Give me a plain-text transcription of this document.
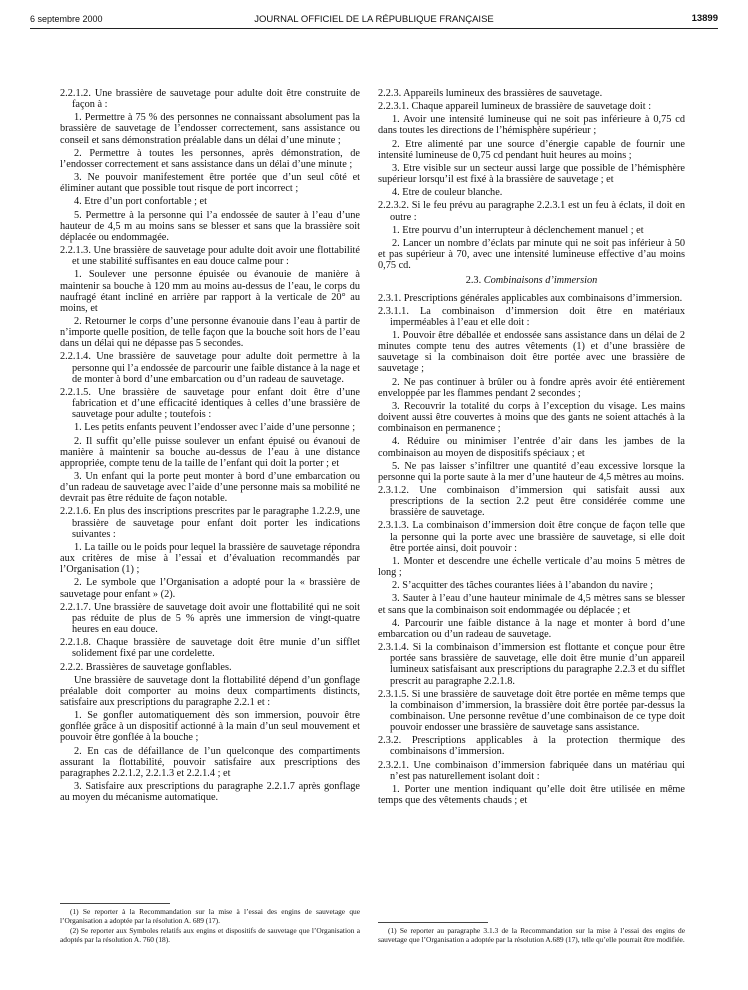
6 septembre 2000	JOURNAL OFFICIEL DE LA RÉPUBLIQUE FRANÇAISE	13899

2.2.1.2. Une brassière de sauvetage pour adulte doit être construite de façon à :

1. Permettre à 75 % des personnes ne connaissant absolument pas la brassière de sauvetage de l’endosser correctement, sans assistance ou conseil et sans démonstration préalable dans un délai d’une minute ;

2. Permettre à toutes les personnes, après démonstration, de l’endosser correctement et sans assistance dans un délai d’une minute ;

3. Ne pouvoir manifestement être portée que d’un seul côté et éliminer autant que possible tout risque de port incorrect ;

4. Etre d’un port confortable ; et

5. Permettre à la personne qui l’a endossée de sauter à l’eau d’une hauteur de 4,5 m au moins sans se blesser et sans que la brassière soit déplacée ou endommagée.

2.2.1.3. Une brassière de sauvetage pour adulte doit avoir une flottabilité et une stabilité suffisantes en eau douce calme pour :

1. Soulever une personne épuisée ou évanouie de manière à maintenir sa bouche à 120 mm au moins au-dessus de l’eau, le corps du naufragé étant incliné en arrière par rapport à la verticale de 20° au moins, et

2. Retourner le corps d’une personne évanouie dans l’eau à partir de n’importe quelle position, de telle façon que la bouche soit hors de l’eau dans un délai qui ne dépasse pas 5 secondes.

2.2.1.4. Une brassière de sauvetage pour adulte doit permettre à la personne qui l’a endossée de parcourir une faible distance à la nage et de monter à bord d’une embarcation ou d’un radeau de sauvetage.

2.2.1.5. Une brassière de sauvetage pour enfant doit être d’une fabrication et d’une efficacité identiques à celles d’une brassière de sauvetage pour adulte ; toutefois :

1. Les petits enfants peuvent l’endosser avec l’aide d’une personne ;

2. Il suffit qu’elle puisse soulever un enfant épuisé ou évanoui de manière à maintenir sa bouche au-dessus de l’eau à une distance appropriée, compte tenu de la taille de l’enfant qui doit la porter ; et

3. Un enfant qui la porte peut monter à bord d’une embarcation ou d’un radeau de sauvetage avec l’aide d’une personne mais sa mobilité ne devrait pas être réduite de façon notable.

2.2.1.6. En plus des inscriptions prescrites par le paragraphe 1.2.2.9, une brassière de sauvetage pour enfant doit porter les indications suivantes :

1. La taille ou le poids pour lequel la brassière de sauvetage répondra aux critères de mise à l’essai et d’évaluation recommandés par l’Organisation (1) ;

2. Le symbole que l’Organisation a adopté pour la « brassière de sauvetage pour enfant » (2).

2.2.1.7. Une brassière de sauvetage doit avoir une flottabilité qui ne soit pas réduite de plus de 5 % après une immersion de vingt-quatre heures en eau douce.

2.2.1.8. Chaque brassière de sauvetage doit être munie d’un sifflet solidement fixé par une cordelette.

2.2.2. Brassières de sauvetage gonflables.

Une brassière de sauvetage dont la flottabilité dépend d’un gonflage préalable doit comporter au moins deux compartiments distincts, satisfaire aux prescriptions du paragraphe 2.2.1 et :

1. Se gonfler automatiquement dès son immersion, pouvoir être gonflée grâce à un dispositif actionné à la main d’un seul mouvement et pouvoir être gonflée à la bouche ;

2. En cas de défaillance de l’un quelconque des compartiments assurant la flottabilité, pouvoir satisfaire aux prescriptions des paragraphes 2.2.1.2, 2.2.1.3 et 2.2.1.4 ; et

3. Satisfaire aux prescriptions du paragraphe 2.2.1.7 après gonflage au moyen du mécanisme automatique.

2.2.3. Appareils lumineux des brassières de sauvetage.

2.2.3.1. Chaque appareil lumineux de brassière de sauvetage doit :

1. Avoir une intensité lumineuse qui ne soit pas inférieure à 0,75 cd dans toutes les directions de l’hémisphère supérieur ;

2. Etre alimenté par une source d’énergie capable de fournir une intensité lumineuse de 0,75 cd pendant huit heures au moins ;

3. Etre visible sur un secteur aussi large que possible de l’hémisphère supérieur lorsqu’il est fixé à la brassière de sauvetage ; et

4. Etre de couleur blanche.

2.2.3.2. Si le feu prévu au paragraphe 2.2.3.1 est un feu à éclats, il doit en outre :

1. Etre pourvu d’un interrupteur à déclenchement manuel ; et

2. Lancer un nombre d’éclats par minute qui ne soit pas inférieur à 50 et pas supérieur à 70, avec une intensité lumineuse effective d’au moins 0,75 cd.

2.3. Combinaisons d’immersion

2.3.1. Prescriptions générales applicables aux combinaisons d’immersion.

2.3.1.1. La combinaison d’immersion doit être en matériaux imperméables à l’eau et elle doit :

1. Pouvoir être déballée et endossée sans assistance dans un délai de 2 minutes compte tenu des autres vêtements (1) et d’une brassière de sauvetage si la combinaison doit être portée avec une brassière de sauvetage ;

2. Ne pas continuer à brûler ou à fondre après avoir été entièrement enveloppée par les flammes pendant 2 secondes ;

3. Recouvrir la totalité du corps à l’exception du visage. Les mains doivent aussi être couvertes à moins que des gants ne soient attachés à la combinaison en permanence ;

4. Réduire ou minimiser l’entrée d’air dans les jambes de la combinaison au moyen de dispositifs spéciaux ; et

5. Ne pas laisser s’infiltrer une quantité d’eau excessive lorsque la personne qui la porte saute à la mer d’une hauteur de 4,5 mètres au moins.

2.3.1.2. Une combinaison d’immersion qui satisfait aussi aux prescriptions de la section 2.2 peut être considérée comme une brassière de sauvetage.

2.3.1.3. La combinaison d’immersion doit être conçue de façon telle que la personne qui la porte avec une brassière de sauvetage, si elle doit être portée ainsi, doit pouvoir :

1. Monter et descendre une échelle verticale d’au moins 5 mètres de long ;

2. S’acquitter des tâches courantes liées à l’abandon du navire ;

3. Sauter à l’eau d’une hauteur minimale de 4,5 mètres sans se blesser et sans que la combinaison soit endommagée ou déplacée ; et

4. Parcourir une faible distance à la nage et monter à bord d’une embarcation ou d’un radeau de sauvetage.

2.3.1.4. Si la combinaison d’immersion est flottante et conçue pour être portée sans brassière de sauvetage, elle doit être munie d’un appareil lumineux satisfaisant aux prescriptions du paragraphe 2.2.3 et du sifflet prescrit au paragraphe 2.2.1.8.

2.3.1.5. Si une brassière de sauvetage doit être portée en même temps que la combinaison d’immersion, la brassière doit être portée par-dessus la combinaison. Une personne revêtue d’une combinaison de ce type doit pouvoir endosser une brassière de sauvetage sans assistance.

2.3.2. Prescriptions applicables à la protection thermique des combinaisons d’immersion.

2.3.2.1. Une combinaison d’immersion fabriquée dans un matériau qui n’est pas naturellement isolant doit :

1. Porter une mention indiquant qu’elle doit être utilisée en même temps que des vêtements chauds ; et

(1) Se reporter à la Recommandation sur la mise à l’essai des engins de sauvetage que l’Organisation a adoptée par la résolution A. 689 (17).

(2) Se reporter aux Symboles relatifs aux engins et dispositifs de sauvetage que l’Organisation a adoptés par la résolution A. 760 (18).

(1) Se reporter au paragraphe 3.1.3 de la Recommandation sur la mise à l’essai des engins de sauvetage que l’Organisation a adoptée par la résolution A.689 (17), telle qu’elle pourrait être modifiée.
